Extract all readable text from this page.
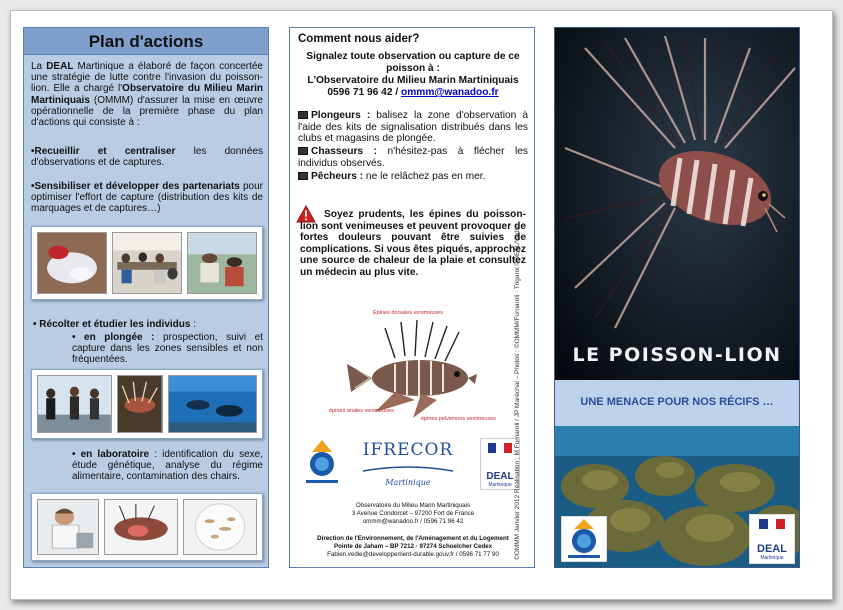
Plan d'actions
La DEAL Martinique a élaboré de façon concertée une stratégie de lutte contre l'invasion du poisson-lion. Elle a chargé l'Observatoire du Milieu Marin Martiniquais (OMMM) d'assurer la mise en œuvre opérationnelle de la première phase du plan d'actions qui consiste à :
•Recueillir et centraliser les données d'observations et de captures.
•Sensibiliser et développer des partenariats pour optimiser l'effort de capture (distribution des kits de marquages et de captures…)
• Récolter et étudier les individus :
• en plongée : prospection, suivi et capture dans les zones sensibles et non fréquentées.
• en laboratoire : identification du sexe, étude génétique, analyse du régime alimentaire, contamination des chairs.
Comment nous aider?
Signalez toute observation ou capture de ce poisson à :
L'Observatoire du Milieu Marin Martiniquais
0596 71 96 42 / ommm@wanadoo.fr
Plongeurs : balisez la zone d'observation à l'aide des kits de signalisation distribués dans les clubs et magasins de plongée.
Chasseurs : n'hésitez-pas à flécher les individus observés.
Pêcheurs : ne le relâchez pas en mer.
Soyez prudents, les épines du poisson-lion sont venimeuses et peuvent provoquer de fortes douleurs pouvant être suivies de complications. Si vous êtes piqués, approchez une source de chaleur de la plaie et consultez un médecin au plus vite.
Épines dorsales venimeuses
épines anales venimeuses
épines pelviennes venimeuses
IFRECOR
Martinique
DEAL
Martinique
Observatoire du Milieu Marin Martiniquais
3 Avenue Condorcet – 97200 Fort de France
ommm@wanadoo.fr / 0596 71 96 42
Direction de l'Environnement, de l'Aménagement et du Logement
Pointe de Jaham – BP 7212 · 97274 Schoelcher Cedex
Fabien.vedie@developpement-durable.gouv.fr / 0596 71 77 90	©OMMM Janvier 2012 Réalisation : M Furnaroli / JP Maréchal – Photos : ©OMMM/Furnaroli · Trigaroi ©DEAL/Védie	LE POISSON-LION
UNE MENACE POUR NOS RÉCIFS …
DEAL
Martinique
